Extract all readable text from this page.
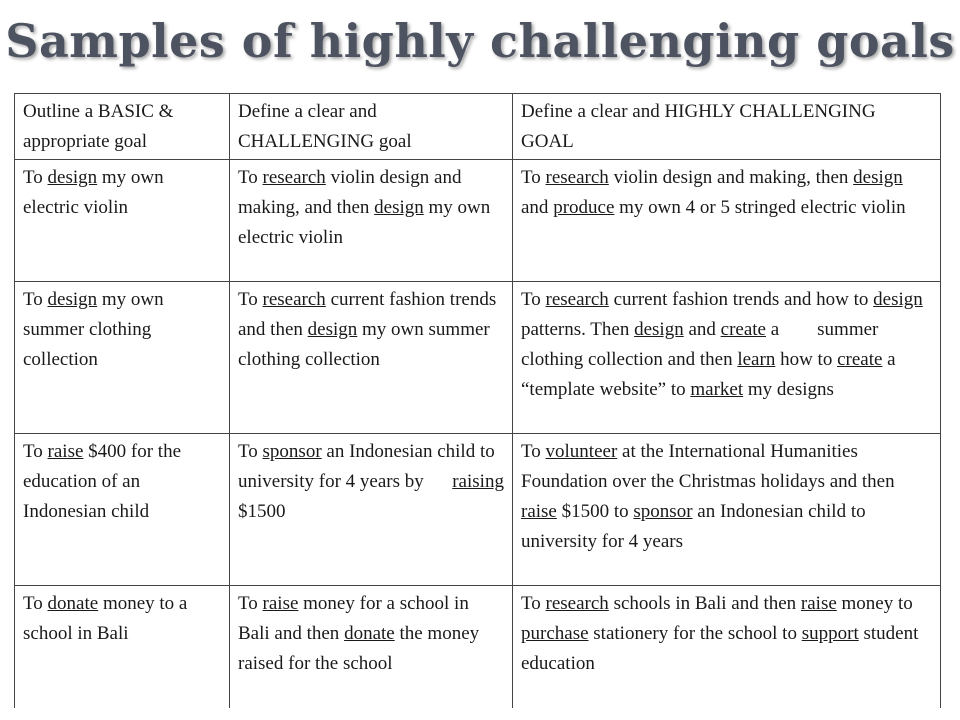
Samples of highly challenging goals
Outline a BASIC & appropriate goal	Define a clear and CHALLENGING goal	Define a clear and HIGHLY CHALLENGING GOAL
To design my own electric violin	To research violin design and making, and then design my own electric violin	To research violin design and making, then design and produce my own 4 or 5 stringed electric violin
To design my own summer clothing collection	To research current fashion trends and then design my own summer clothing collection	To research current fashion trends and how to design patterns. Then design and create a        summer clothing collection and then learn how to create a “template website” to market my designs
To raise $400 for the education of an Indonesian child	To sponsor an Indonesian child to university for 4 years by      raising $1500	To volunteer at the International Humanities Foundation over the Christmas holidays and then raise $1500 to sponsor an Indonesian child to university for 4 years
To donate money to a school in Bali	To raise money for a school in Bali and then donate the money raised for the school	To research schools in Bali and then raise money to purchase stationery for the school to support student education
